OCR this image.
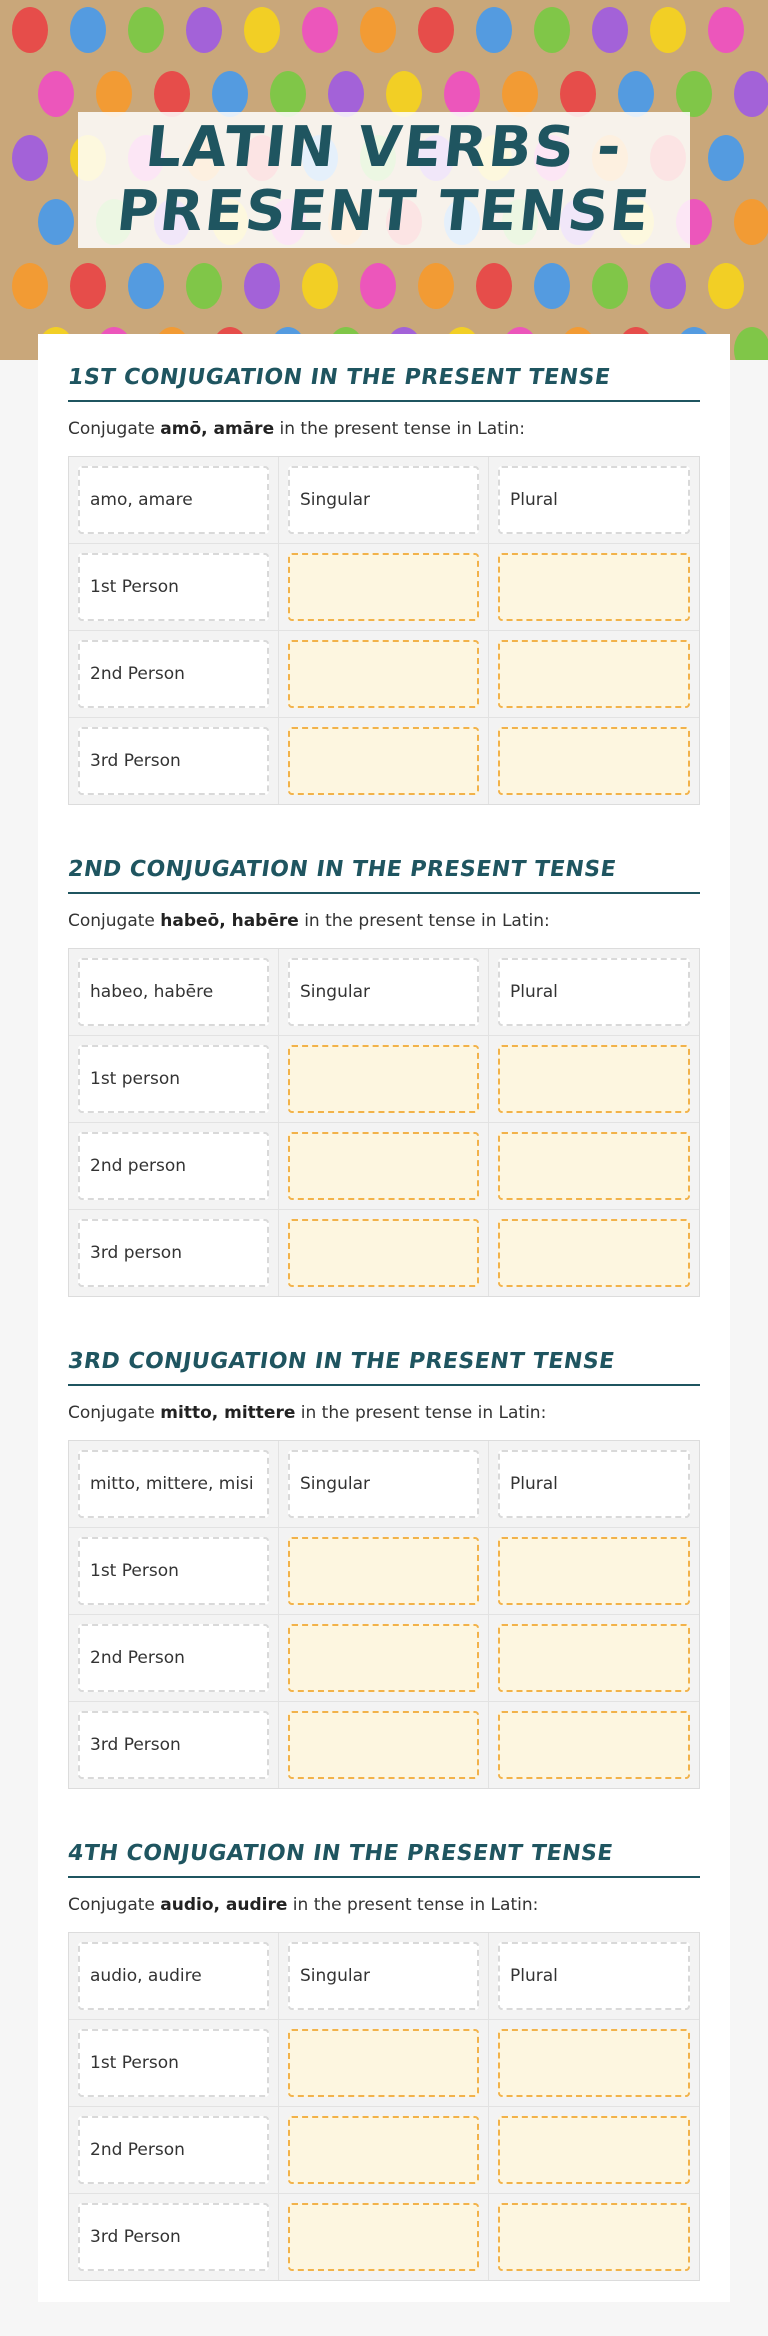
LATIN VERBS -
PRESENT TENSE
1ST CONJUGATION IN THE PRESENT TENSE
Conjugate amō, amāre in the present tense in Latin:
amo, amare	Singular	Plural
1st Person
2nd Person
3rd Person
2ND CONJUGATION IN THE PRESENT TENSE
Conjugate habeō, habēre in the present tense in Latin:
habeo, habēre	Singular	Plural
1st person
2nd person
3rd person
3RD CONJUGATION IN THE PRESENT TENSE
Conjugate mitto, mittere in the present tense in Latin:
mitto, mittere, misi	Singular	Plural
1st Person
2nd Person
3rd Person
4TH CONJUGATION IN THE PRESENT TENSE
Conjugate audio, audire in the present tense in Latin:
audio, audire	Singular	Plural
1st Person
2nd Person
3rd Person
